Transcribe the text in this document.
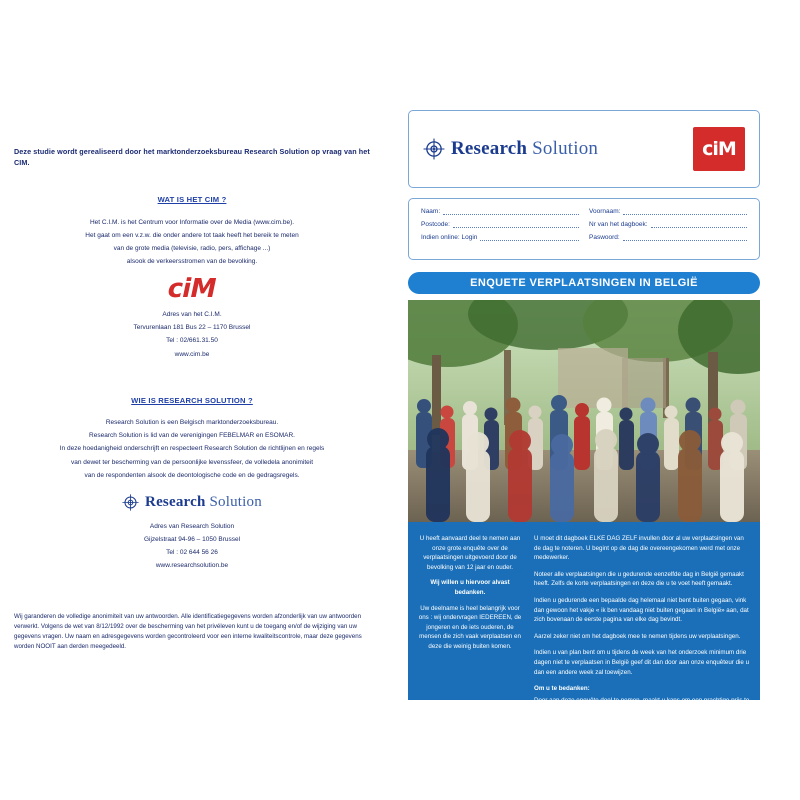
Deze studie wordt gerealiseerd door het marktonderzoeksbureau Research Solution op vraag van het CIM.
WAT IS HET CIM ?

Het C.I.M. is het Centrum voor Informatie over de Media (www.cim.be).

Het gaat om een v.z.w. die onder andere tot taak heeft het bereik te meten

van de grote media (televisie, radio, pers, affichage ...)

alsook de verkeersstromen van de bevolking.

ciM

Adres van het C.I.M.

Tervurenlaan 181 Bus 22 – 1170 Brussel

Tel : 02/661.31.50

www.cim.be

WIE IS RESEARCH SOLUTION ?

Research Solution is een Belgisch marktonderzoeksbureau.

Research Solution is lid van de verenigingen FEBELMAR en ESOMAR.

In deze hoedanigheid onderschrijft en respecteert Research Solution de richtlijnen en regels

van dewet ter bescherming van de persoonlijke levenssfeer, de volledela anonimiteit

van de respondenten alsook de deontologische code en de gedragsregels.

Research Solution

Adres van Research Solution

Gijzelstraat 94-96 – 1050 Brussel

Tel : 02 644 56 26

www.researchsolution.be

Wij garanderen de volledige anonimiteit van uw antwoorden. Alle identificatiegegevens worden afzonderlijk van uw antwoorden verwerkt. Volgens de wet van 8/12/1992 over de bescherming van het privéleven kunt u de toegang en/of de wijziging van uw gegevens vragen. Uw naam en adresgegevens worden gecontroleerd voor een interne kwaliteitscontrole, maar deze gegevens worden NOOIT aan derden meegedeeld.
Research Solution	ciM
Naam:	Voornaam:
Postcode:	Nr van het dagboek:
Indien online: Login	Paswoord:
ENQUETE VERPLAATSINGEN IN BELGIË
U heeft aanvaard deel te nemen aan onze grote enquête over de verplaatsingen uitgevoerd door de bevolking van 12 jaar en ouder.
Wij willen u hiervoor alvast bedanken.
Uw deelname is heel belangrijk voor ons : wij ondervragen IEDEREEN, de jongeren en de iets ouderen, de mensen die zich vaak verplaatsen en deze die weinig buiten komen.

U moet dit dagboek ELKE DAG ZELF invullen door al uw verplaatsingen van de dag te noteren. U begint op de dag die overeengekomen werd met onze medewerker.

Noteer alle verplaatsingen die u gedurende eenzelfde dag in België gemaakt heeft. Zelfs de korte verplaatsingen en deze die u te voet heeft gemaakt.

Indien u gedurende een bepaalde dag helemaal niet bent buiten gegaan, vink dan gewoon het vakje « ik ben vandaag niet buiten gegaan in België» aan, dat zich bovenaan de eerste pagina van elke dag bevindt.

Aarzel zeker niet om het dagboek mee te nemen tijdens uw verplaatsingen.

Indien u van plan bent om u tijdens de week van het onderzoek minimum drie dagen niet te verplaatsen in België geef dit dan door aan onze enquêteur die u dan een andere week zal toewijzen.

Om u te bedanken:

Door aan deze enquête deel te nemen, maakt u kans om een prachtige prijs te winnen. Elke 2 maanden worden er 24 winnaars bij trekking bepaald. Zij krijgen een cadeaubon die varieert tussen 20 € en 250 €.
